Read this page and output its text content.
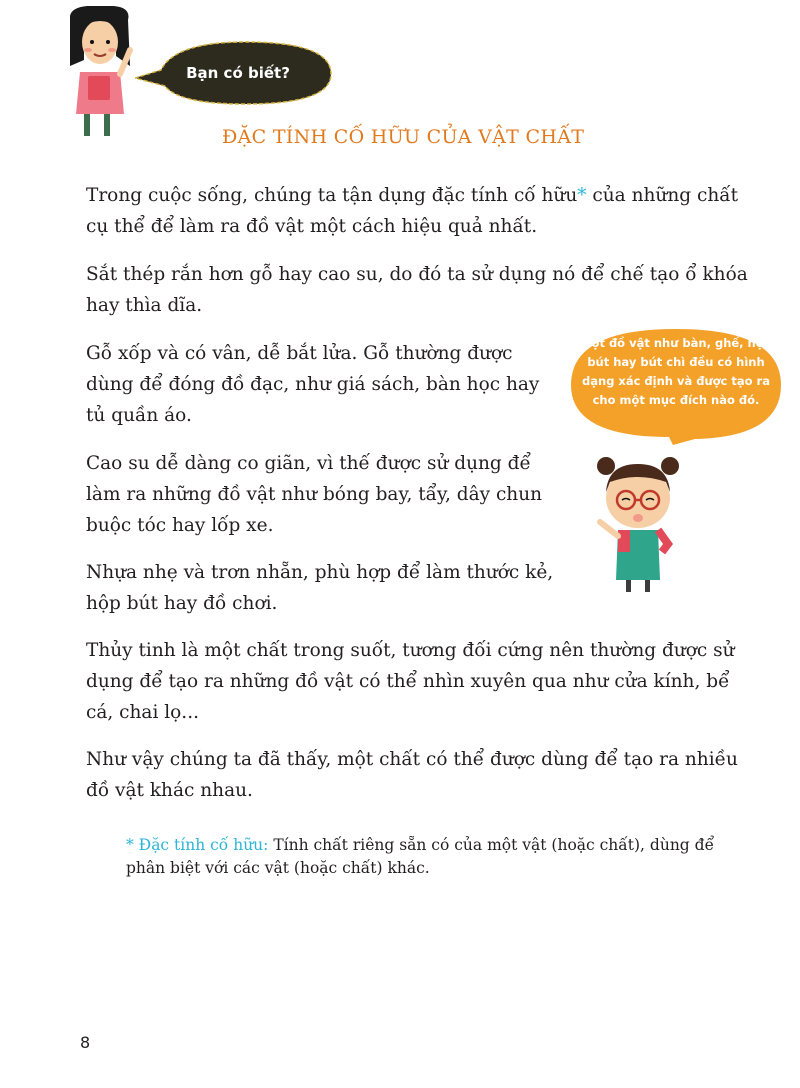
Bạn có biết?
ĐẶC TÍNH CỐ HỮU CỦA VẬT CHẤT
Trong cuộc sống, chúng ta tận dụng đặc tính cố hữu* của những chất cụ thể để làm ra đồ vật một cách hiệu quả nhất.
Sắt thép rắn hơn gỗ hay cao su, do đó ta sử dụng nó để chế tạo ổ khóa hay thìa dĩa.
Gỗ xốp và có vân, dễ bắt lửa. Gỗ thường được dùng để đóng đồ đạc, như giá sách, bàn học hay tủ quần áo.
Cao su dễ dàng co giãn, vì thế được sử dụng để làm ra những đồ vật như bóng bay, tẩy, dây chun buộc tóc hay lốp xe.
Nhựa nhẹ và trơn nhẵn, phù hợp để làm thước kẻ, hộp bút hay đồ chơi.
Thủy tinh là một chất trong suốt, tương đối cứng nên thường được sử dụng để tạo ra những đồ vật có thể nhìn xuyên qua như cửa kính, bể cá, chai lọ...
Như vậy chúng ta đã thấy, một chất có thể được dùng để tạo ra nhiều đồ vật khác nhau.
Một đồ vật như bàn, ghế, hộp bút hay bút chì đều có hình dạng xác định và được tạo ra cho một mục đích nào đó.
* Đặc tính cố hữu: Tính chất riêng sẵn có của một vật (hoặc chất), dùng để phân biệt với các vật (hoặc chất) khác.
8
